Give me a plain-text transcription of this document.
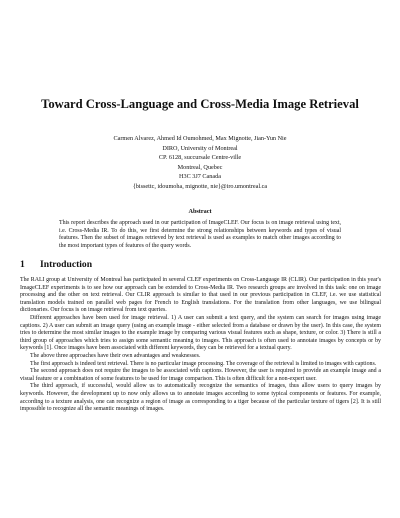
Toward Cross-Language and Cross-Media Image Retrieval
Carmen Alvarez, Ahmed Id Oumohmed, Max Mignotte, Jian-Yun Nie
DIRO, University of Montreal
CP. 6128, succursale Centre-ville
Montreal, Quebec
H3C 3J7 Canada
{bissettc, idoumoha, mignotte, nie}@iro.umontreal.ca
Abstract
This report describes the approach used in our participation of ImageCLEF. Our focus is on image retrieval using text, i.e. Cross-Media IR. To do this, we first determine the strong relationships between keywords and types of visual features. Then the subset of images retrieved by text retrieval is used as examples to match other images according to the most important types of features of the query words.
1 Introduction

The RALI group at University of Montreal has participated in several CLEF experiments on Cross-Language IR (CLIR). Our participation in this year's ImageCLEF experiments is to see how our approach can be extended to Cross-Media IR. Two research groups are involved in this task: one on image processing and the other on text retrieval. Our CLIR approach is similar to that used in our previous participation in CLEF, i.e. we use statistical translation models trained on parallel web pages for French to English translations. For the translation from other languages, we use bilingual dictionaries. Our focus is on image retrieval from text queries.

Different approaches have been used for image retrieval. 1) A user can submit a text query, and the system can search for images using image captions. 2) A user can submit an image query (using an example image - either selected from a database or drawn by the user). In this case, the system tries to determine the most similar images to the example image by comparing various visual features such as shape, texture, or color. 3) There is still a third group of approaches which tries to assign some semantic meaning to images. This approach is often used to annotate images by concepts or by keywords [1]. Once images have been associated with different keywords, they can be retrieved for a textual query.

The above three approaches have their own advantages and weaknesses.

The first approach is indeed text retrieval. There is no particular image processing. The coverage of the retrieval is limited to images with captions.

The second approach does not require the images to be associated with captions. However, the user is required to provide an example image and a visual feature or a combination of some features to be used for image comparison. This is often difficult for a non-expert user.

The third approach, if successful, would allow us to automatically recognize the semantics of images, thus allow users to query images by keywords. However, the development up to now only allows us to annotate images according to some typical components or features. For example, according to a texture analysis, one can recognize a region of image as corresponding to a tiger because of the particular texture of tigers [2]. It is still impossible to recognize all the semantic meanings of images.
